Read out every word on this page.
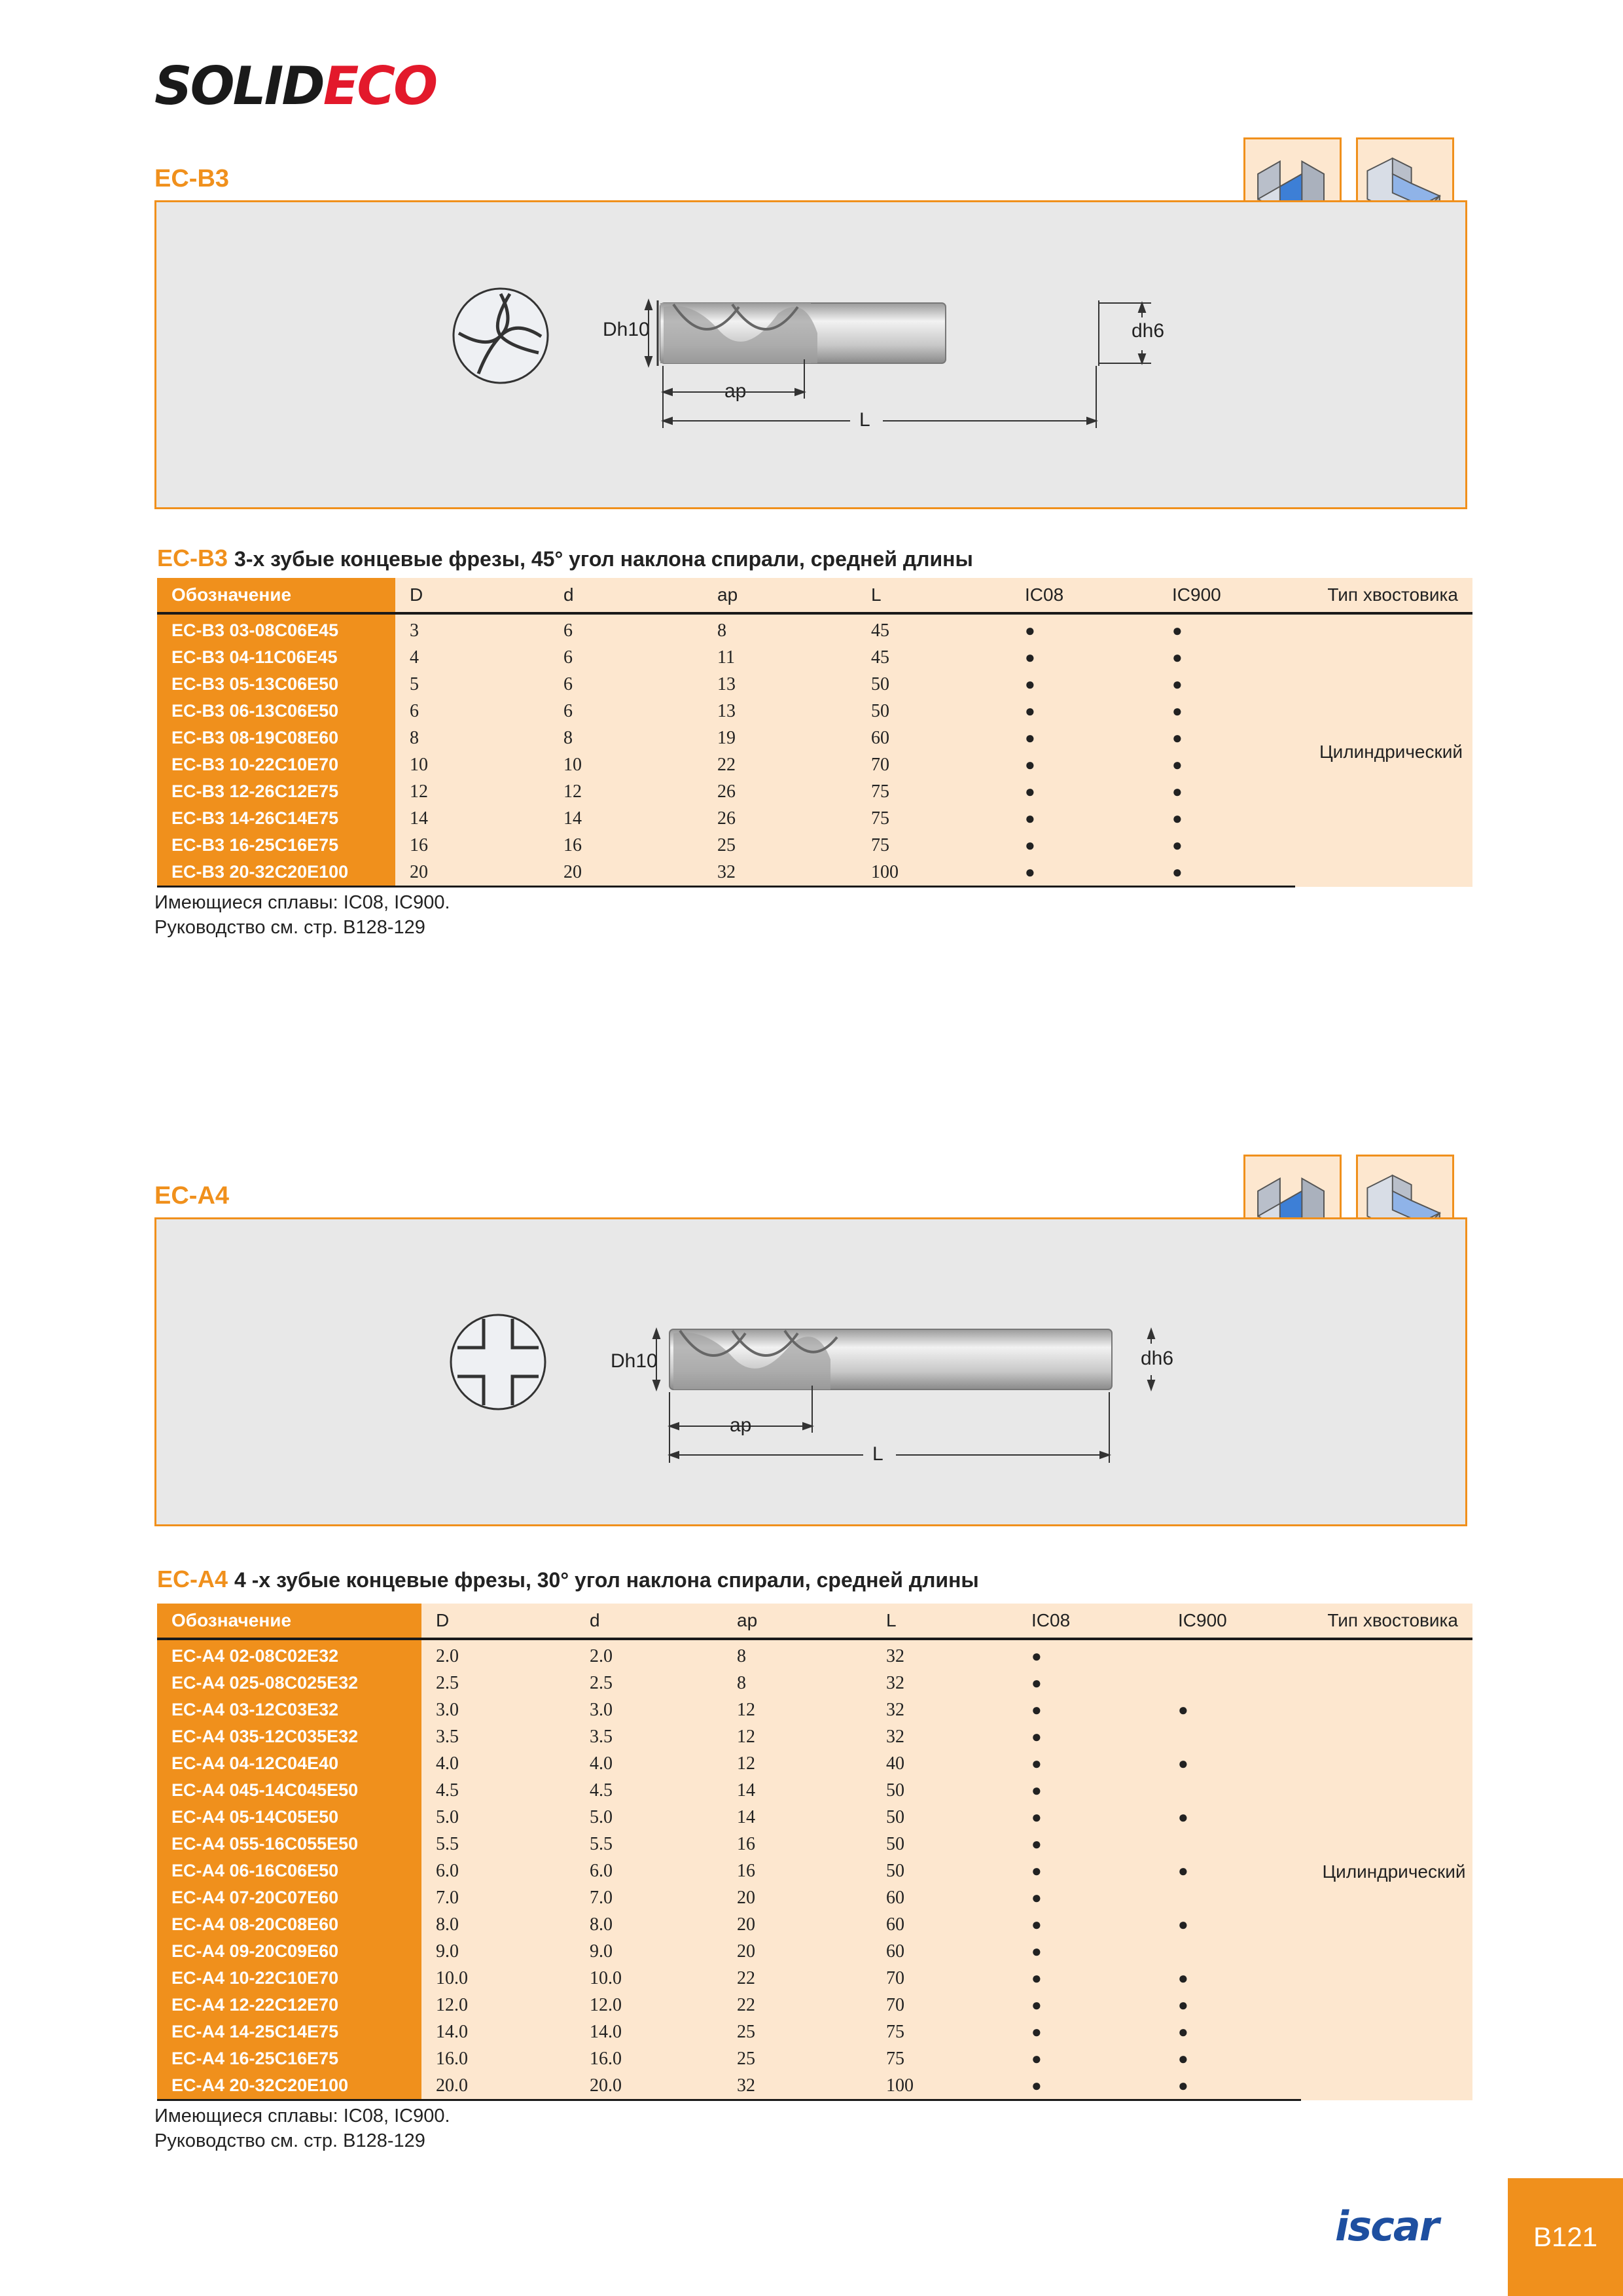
SOLIDECO
EC-B3
Dh10	dh6
ap
L
EC-B3 3-х зубые концевые фрезы, 45° угол наклона спирали, средней длины
Обозначение	D	d	ap	L	IC08	IC900	Тип хвостовика
EC-B3 03-08C06E45	3	6	8	45	●	●	Цилиндрический
EC-B3 04-11C06E45	4	6	11	45	●	●	
EC-B3 05-13C06E50	5	6	13	50	●	●	
EC-B3 06-13C06E50	6	6	13	50	●	●	
EC-B3 08-19C08E60	8	8	19	60	●	●	
EC-B3 10-22C10E70	10	10	22	70	●	●	
EC-B3 12-26C12E75	12	12	26	75	●	●	
EC-B3 14-26C14E75	14	14	26	75	●	●	
EC-B3 16-25C16E75	16	16	25	75	●	●	
EC-B3 20-32C20E100	20	20	32	100	●	●	
Имеющиеся сплавы: IC08, IC900.
Руководство см. стр. B128-129
EC-A4
Dh10	dh6
ap
L
EC-A4 4 -х зубые концевые фрезы, 30° угол наклона спирали, средней длины
Обозначение	D	d	ap	L	IC08	IC900	Тип хвостовика
EC-A4 02-08C02E32	2.0	2.0	8	32	●		Цилиндрический
EC-A4 025-08C025E32	2.5	2.5	8	32	●		
EC-A4 03-12C03E32	3.0	3.0	12	32	●	●	
EC-A4 035-12C035E32	3.5	3.5	12	32	●		
EC-A4 04-12C04E40	4.0	4.0	12	40	●	●	
EC-A4 045-14C045E50	4.5	4.5	14	50	●		
EC-A4 05-14C05E50	5.0	5.0	14	50	●	●	
EC-A4 055-16C055E50	5.5	5.5	16	50	●		
EC-A4 06-16C06E50	6.0	6.0	16	50	●	●	
EC-A4 07-20C07E60	7.0	7.0	20	60	●		
EC-A4 08-20C08E60	8.0	8.0	20	60	●	●	
EC-A4 09-20C09E60	9.0	9.0	20	60	●		
EC-A4 10-22C10E70	10.0	10.0	22	70	●	●	
EC-A4 12-22C12E70	12.0	12.0	22	70	●	●	
EC-A4 14-25C14E75	14.0	14.0	25	75	●	●	
EC-A4 16-25C16E75	16.0	16.0	25	75	●	●	
EC-A4 20-32C20E100	20.0	20.0	32	100	●	●	
Имеющиеся сплавы: IC08, IC900.
Руководство см. стр. B128-129
iscar	B121
